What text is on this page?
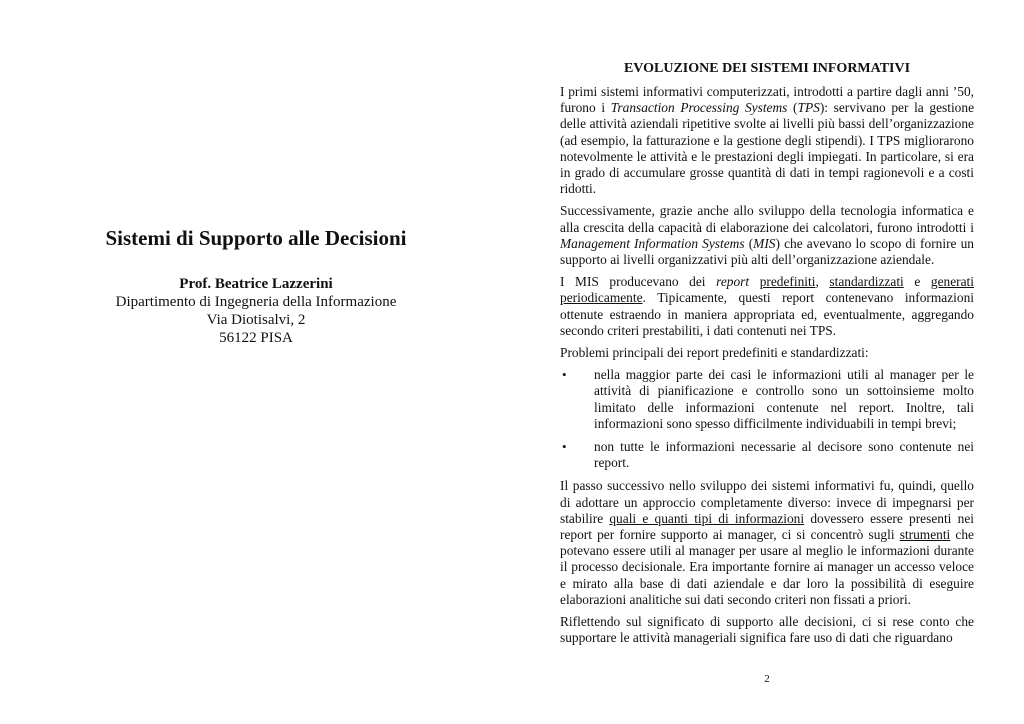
Sistemi di Supporto alle Decisioni
Prof. Beatrice Lazzerini
Dipartimento di Ingegneria della Informazione
Via Diotisalvi, 2
56122 PISA
EVOLUZIONE DEI SISTEMI INFORMATIVI

I primi sistemi informativi computerizzati, introdotti a partire dagli anni ’50, furono i Transaction Processing Systems (TPS): servivano per la gestione delle attività aziendali ripetitive svolte ai livelli più bassi dell’organizzazione (ad esempio, la fatturazione e la gestione degli stipendi). I TPS migliorarono notevolmente le attività e le prestazioni degli impiegati. In particolare, si era in grado di accumulare grosse quantità di dati in tempi ragionevoli e a costi ridotti.

Successivamente, grazie anche allo sviluppo della tecnologia informatica e alla crescita della capacità di elaborazione dei calcolatori, furono introdotti i Management Information Systems (MIS) che avevano lo scopo di fornire un supporto ai livelli organizzativi più alti dell’organizzazione aziendale.

I MIS producevano dei report predefiniti, standardizzati e generati periodicamente. Tipicamente, questi report contenevano informazioni ottenute estraendo in maniera appropriata ed, eventualmente, aggregando secondo criteri prestabiliti, i dati contenuti nei TPS.

Problemi principali dei report predefiniti e standardizzati:

• nella maggior parte dei casi le informazioni utili al manager per le attività di pianificazione e controllo sono un sottoinsieme molto limitato delle informazioni contenute nel report. Inoltre, tali informazioni sono spesso difficilmente individuabili in tempi brevi;
• non tutte le informazioni necessarie al decisore sono contenute nei report.

Il passo successivo nello sviluppo dei sistemi informativi fu, quindi, quello di adottare un approccio completamente diverso: invece di impegnarsi per stabilire quali e quanti tipi di informazioni dovessero essere presenti nei report per fornire supporto ai manager, ci si concentrò sugli strumenti che potevano essere utili al manager per usare al meglio le informazioni durante il processo decisionale. Era importante fornire ai manager un accesso veloce e mirato alla base di dati aziendale e dar loro la possibilità di eseguire elaborazioni analitiche sui dati secondo criteri non fissati a priori.

Riflettendo sul significato di supporto alle decisioni, ci si rese conto che supportare le attività manageriali significa fare uso di dati che riguardano

2
